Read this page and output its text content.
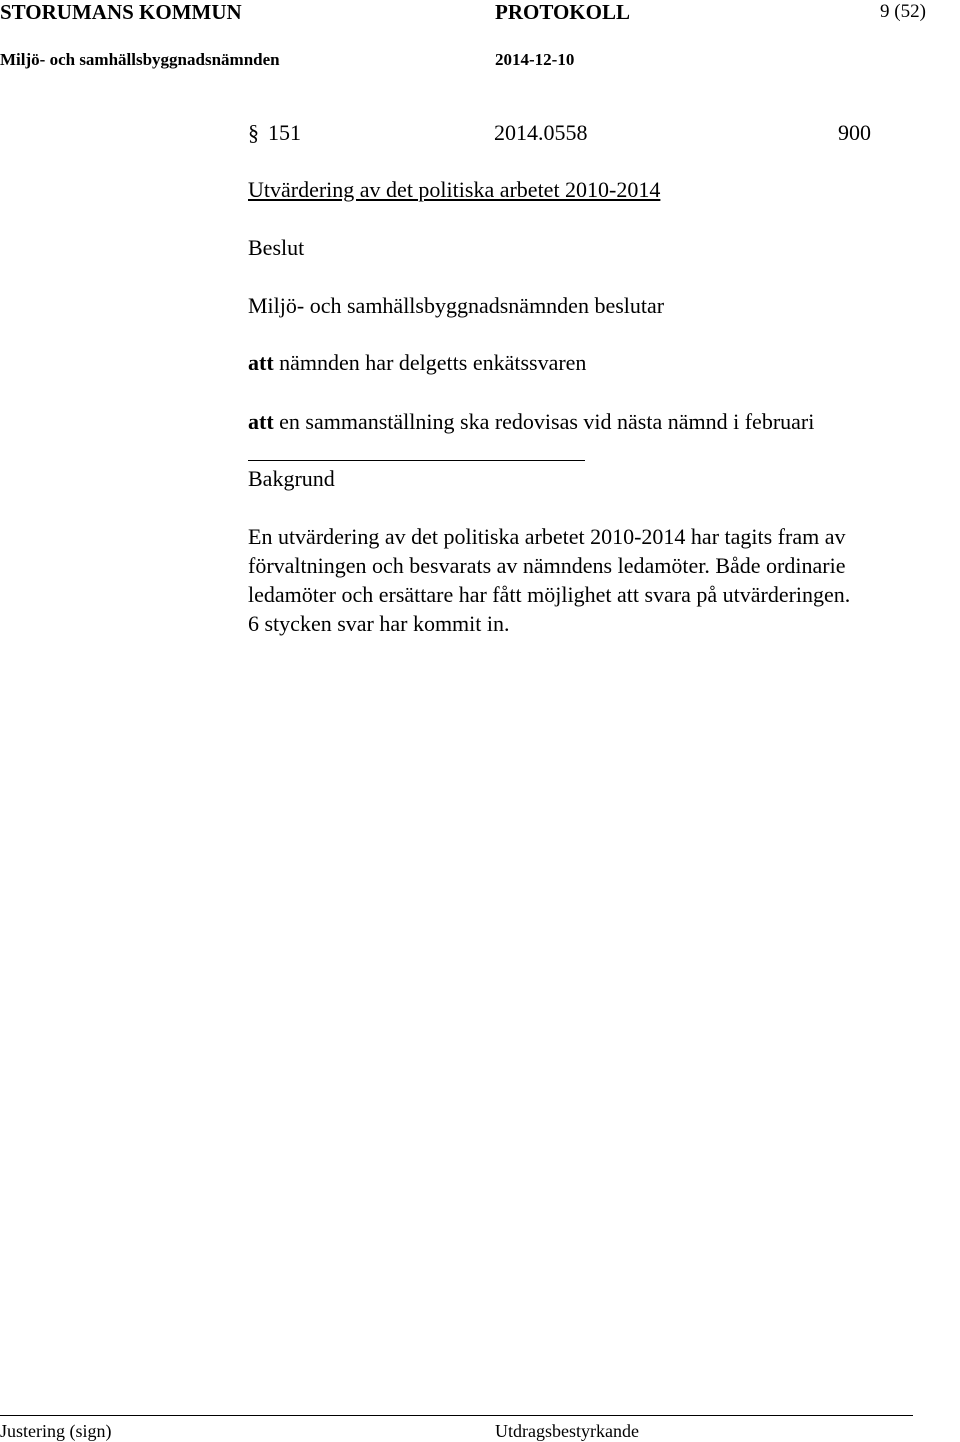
STORUMANS KOMMUN	PROTOKOLL	9 (52)
Miljö- och samhällsbyggnadsnämnden	2014-12-10
§ 151	2014.0558	900
Utvärdering av det politiska arbetet 2010-2014
Beslut
Miljö- och samhällsbyggnadsnämnden beslutar
att nämnden har delgetts enkätssvaren
att en sammanställning ska redovisas vid nästa nämnd i februari
Bakgrund
En utvärdering av det politiska arbetet 2010-2014 har tagits fram av
förvaltningen och besvarats av nämndens ledamöter. Både ordinarie
ledamöter och ersättare har fått möjlighet att svara på utvärderingen.
6 stycken svar har kommit in.
Justering (sign)	Utdragsbestyrkande
